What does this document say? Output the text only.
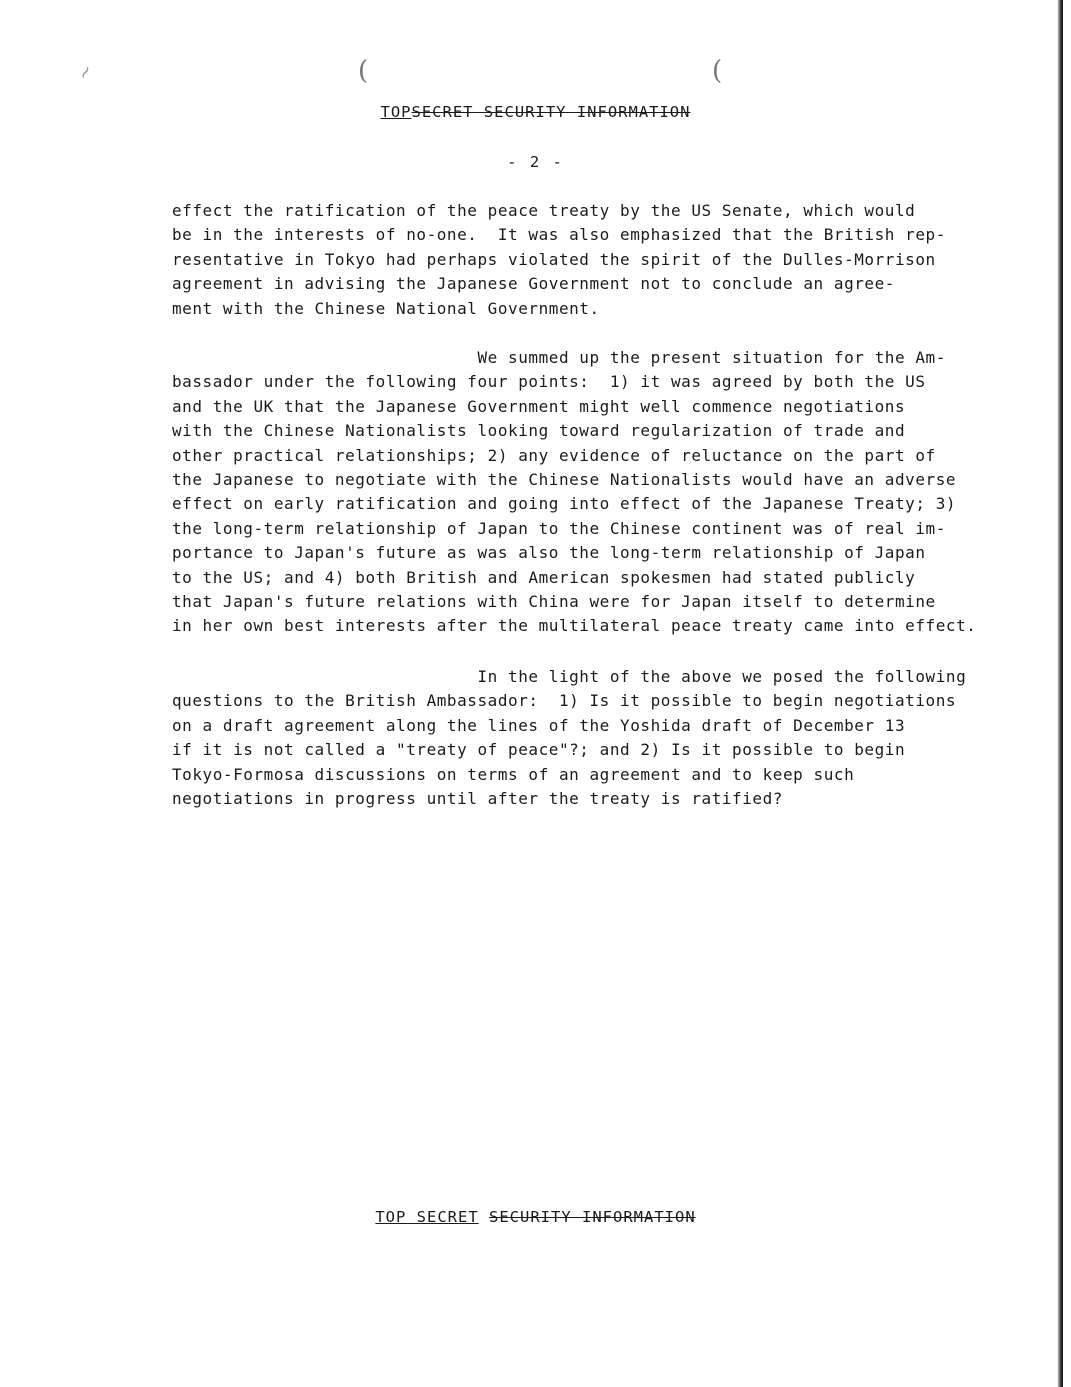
(	(
~
TOPSECRET SECURITY INFORMATION
- 2 -
effect the ratification of the peace treaty by the US Senate, which would
be in the interests of no-one.  It was also emphasized that the British rep-
resentative in Tokyo had perhaps violated the spirit of the Dulles-Morrison
agreement in advising the Japanese Government not to conclude an agree-
ment with the Chinese National Government.
We summed up the present situation for the Am-
bassador under the following four points:  1) it was agreed by both the US
and the UK that the Japanese Government might well commence negotiations
with the Chinese Nationalists looking toward regularization of trade and
other practical relationships; 2) any evidence of reluctance on the part of
the Japanese to negotiate with the Chinese Nationalists would have an adverse
effect on early ratification and going into effect of the Japanese Treaty; 3)
the long-term relationship of Japan to the Chinese continent was of real im-
portance to Japan's future as was also the long-term relationship of Japan
to the US; and 4) both British and American spokesmen had stated publicly
that Japan's future relations with China were for Japan itself to determine
in her own best interests after the multilateral peace treaty came into effect.
In the light of the above we posed the following
questions to the British Ambassador:  1) Is it possible to begin negotiations
on a draft agreement along the lines of the Yoshida draft of December 13
if it is not called a "treaty of peace"?; and 2) Is it possible to begin
Tokyo-Formosa discussions on terms of an agreement and to keep such
negotiations in progress until after the treaty is ratified?
TOP SECRET SECURITY INFORMATION
